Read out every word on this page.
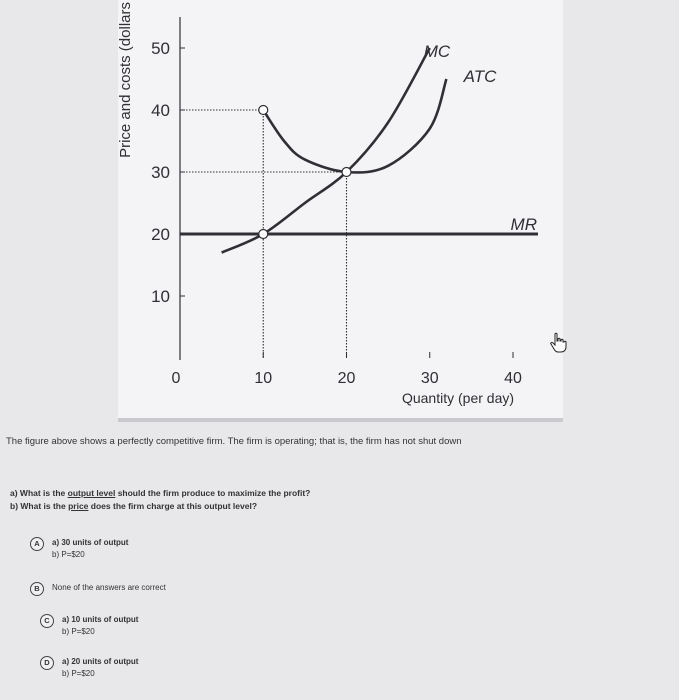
10
20
30
40
50
0	10	20	30	40
Quantity (per day)
Price and costs (dollars	MC
ATC
MR
The figure above shows a perfectly competitive firm. The firm is operating; that is, the firm has not shut down
a) What is the output level should the firm produce to maximize the profit?
b) What is the price does the firm charge at this output level?
A	a) 30 units of output
b) P=$20
B	None of the answers are correct
C	a) 10 units of output
b) P=$20
D	a) 20 units of output
b) P=$20
